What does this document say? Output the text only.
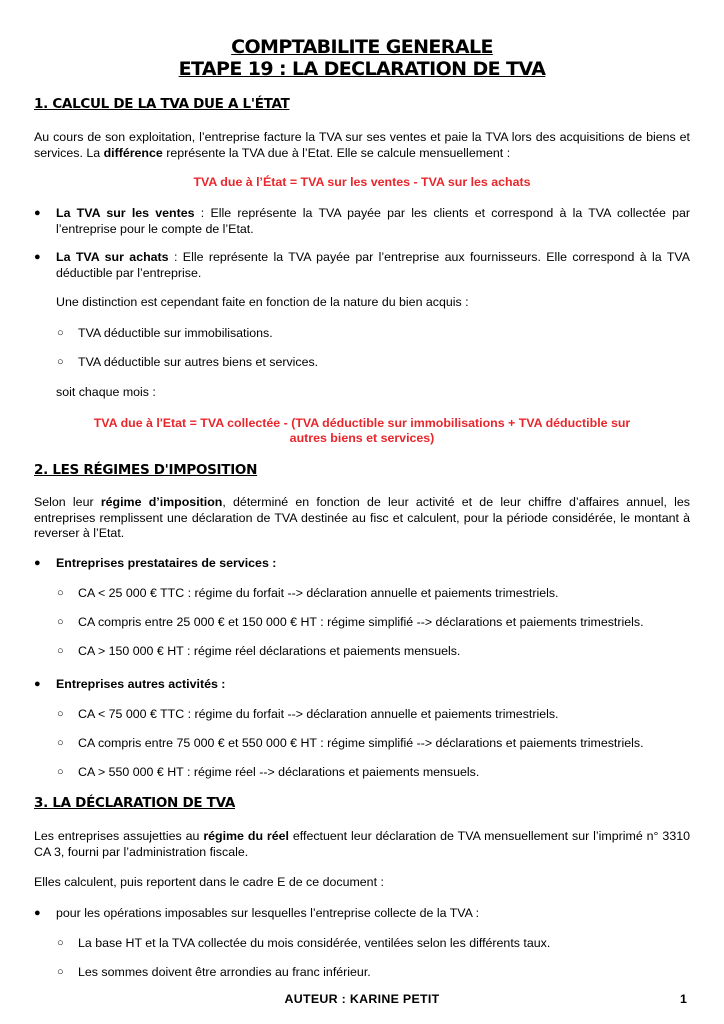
COMPTABILITE GENERALE
ETAPE 19 : LA DECLARATION DE TVA
1. CALCUL DE LA TVA DUE A L'ÉTAT

Au cours de son exploitation, l’entreprise facture la TVA sur ses ventes et paie la TVA lors des acquisitions de biens et services. La différence représente la TVA due à l’Etat. Elle se calcule mensuellement :

TVA due à l’État = TVA sur les ventes - TVA sur les achats

● La TVA sur les ventes : Elle représente la TVA payée par les clients et correspond à la TVA collectée par l’entreprise pour le compte de l’Etat.

● La TVA sur achats : Elle représente la TVA payée par l’entreprise aux fournisseurs. Elle correspond à la TVA déductible par l’entreprise.

Une distinction est cependant faite en fonction de la nature du bien acquis :

○ TVA déductible sur immobilisations.

○ TVA déductible sur autres biens et services.

soit chaque mois :

TVA due à l'Etat = TVA collectée - (TVA déductible sur immobilisations + TVA déductible sur

autres biens et services)

2. LES RÉGIMES D'IMPOSITION

Selon leur régime d’imposition, déterminé en fonction de leur activité et de leur chiffre d’affaires annuel, les entreprises remplissent une déclaration de TVA destinée au fisc et calculent, pour la période considérée, le montant à reverser à l’Etat.

● Entreprises prestataires de services :

○ CA < 25 000 € TTC : régime du forfait --> déclaration annuelle et paiements trimestriels.

○ CA compris entre 25 000 € et 150 000 € HT : régime simplifié --> déclarations et paiements trimestriels.

○ CA > 150 000 € HT : régime réel déclarations et paiements mensuels.

● Entreprises autres activités :

○ CA < 75 000 € TTC : régime du forfait --> déclaration annuelle et paiements trimestriels.

○ CA compris entre 75 000 € et 550 000 € HT : régime simplifié --> déclarations et paiements trimestriels.

○ CA > 550 000 € HT : régime réel --> déclarations et paiements mensuels.

3. LA DÉCLARATION DE TVA

Les entreprises assujetties au régime du réel effectuent leur déclaration de TVA mensuellement sur l’imprimé n° 3310 CA 3, fourni par l’administration fiscale.

Elles calculent, puis reportent dans le cadre E de ce document :

● pour les opérations imposables sur lesquelles l’entreprise collecte de la TVA :

○ La base HT et la TVA collectée du mois considérée, ventilées selon les différents taux.

○ Les sommes doivent être arrondies au franc inférieur.

AUTEUR : KARINE PETIT	1
